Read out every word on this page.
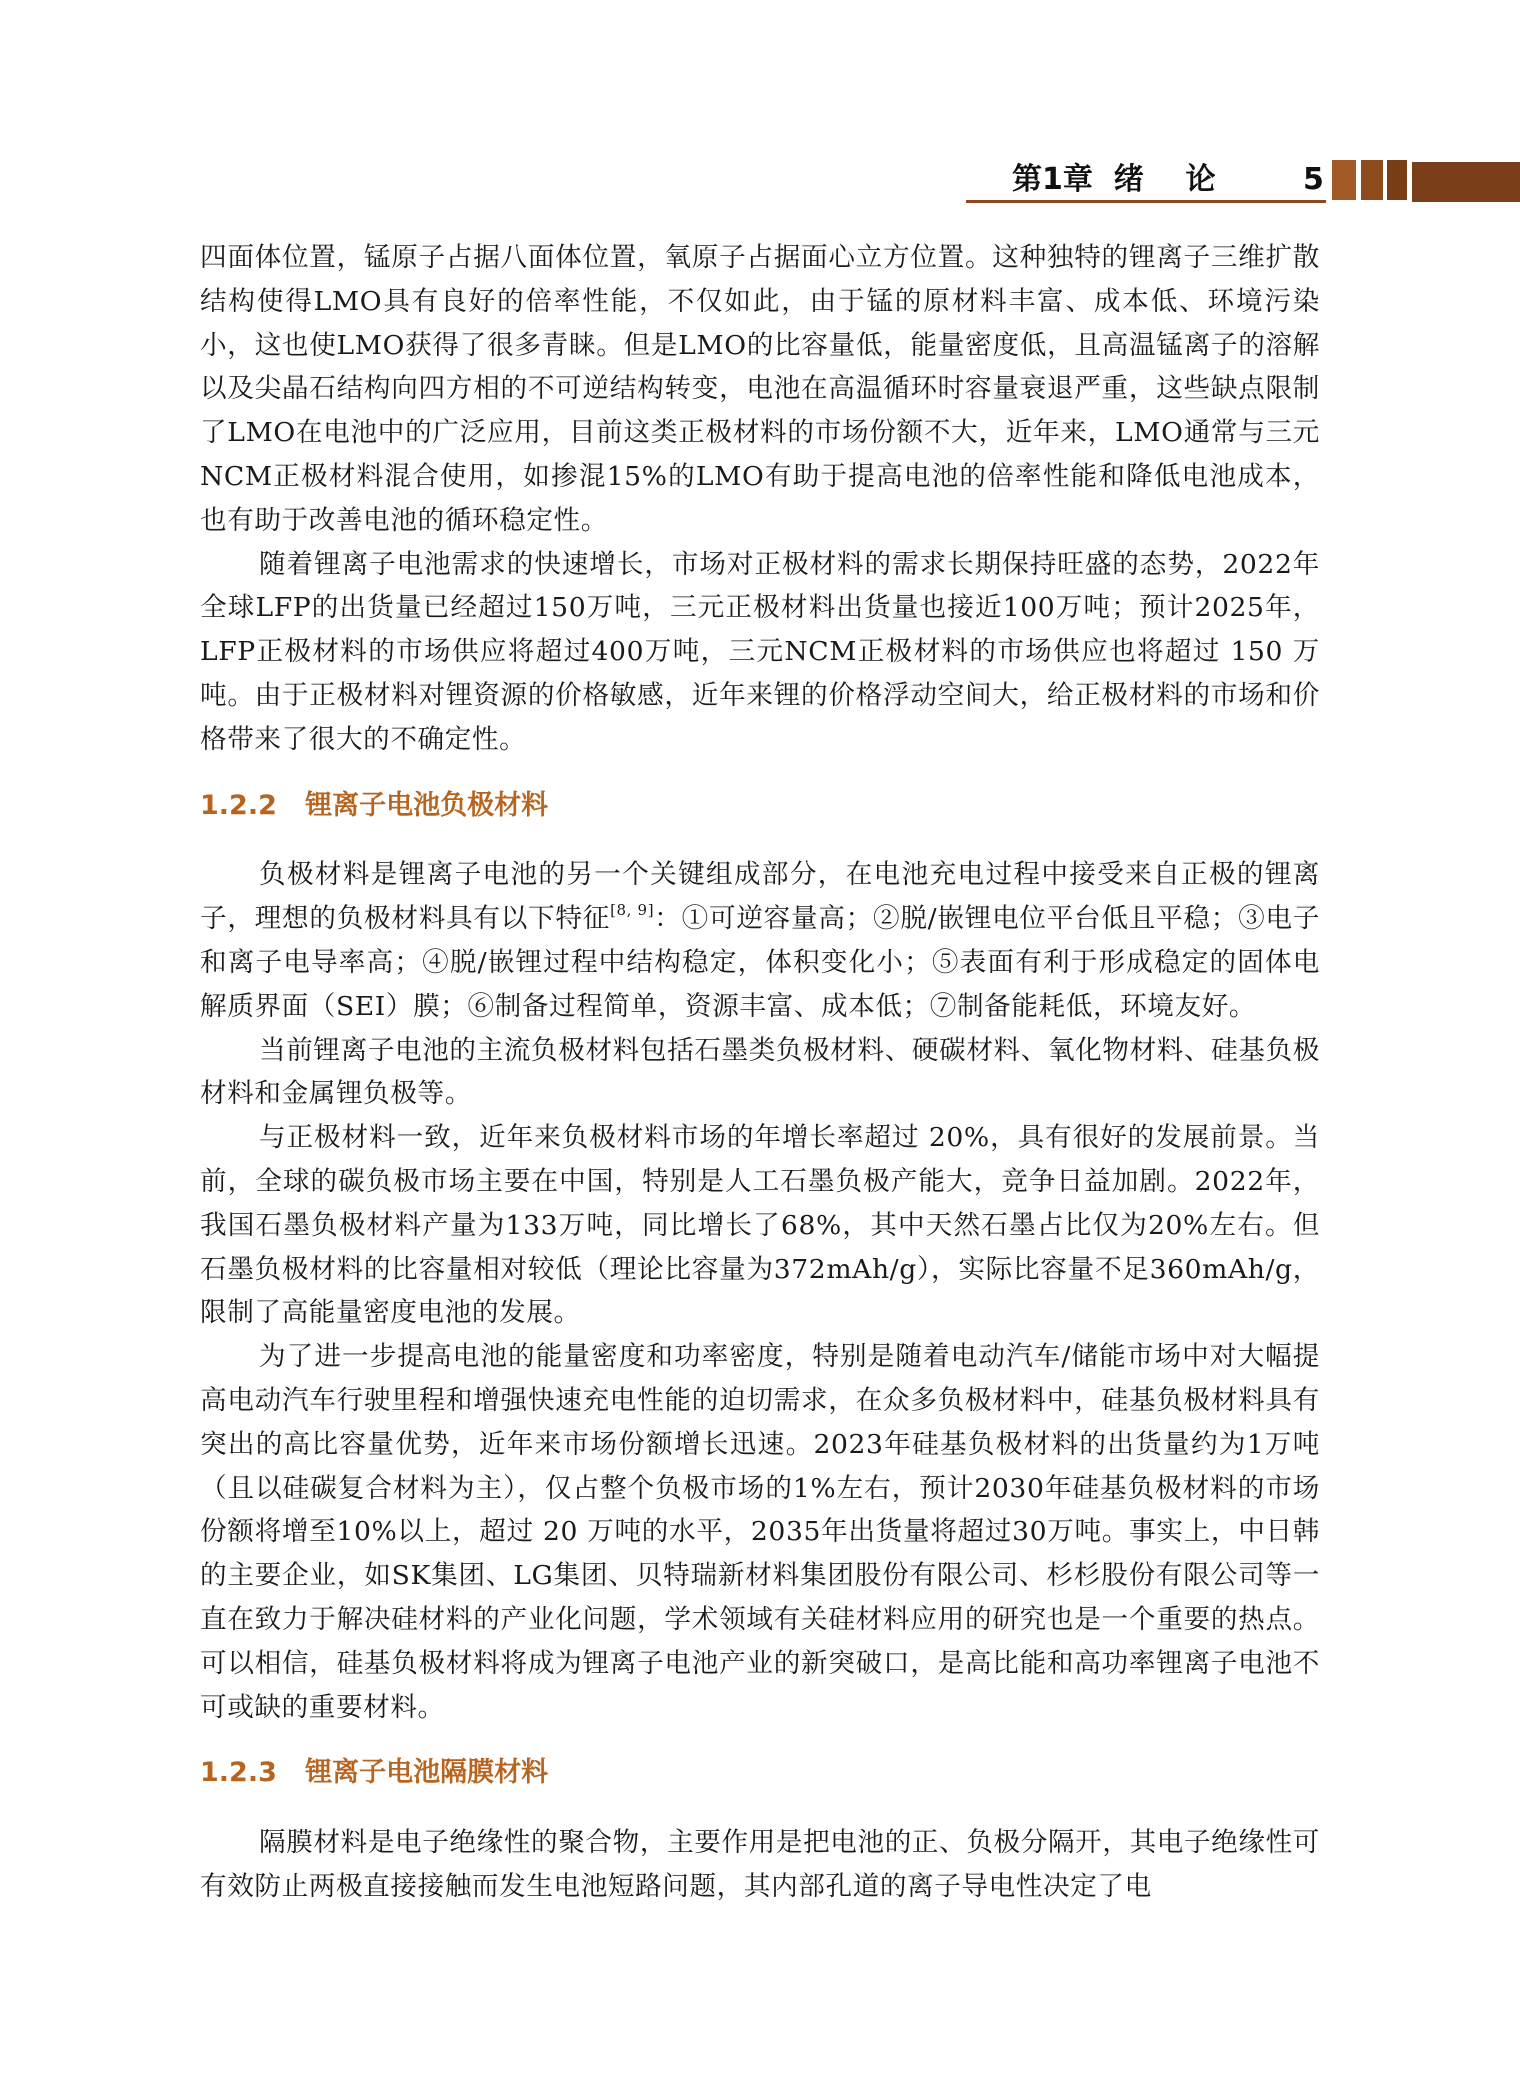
第1章  绪    论	5

四面体位置，锰原子占据八面体位置，氧原子占据面心立方位置。这种独特的锂离子三维扩散结构使得LMO具有良好的倍率性能，不仅如此，由于锰的原材料丰富、成本低、环境污染小，这也使LMO获得了很多青睐。但是LMO的比容量低，能量密度低，且高温锰离子的溶解以及尖晶石结构向四方相的不可逆结构转变，电池在高温循环时容量衰退严重，这些缺点限制了LMO在电池中的广泛应用，目前这类正极材料的市场份额不大，近年来，LMO通常与三元NCM正极材料混合使用，如掺混15%的LMO有助于提高电池的倍率性能和降低电池成本，也有助于改善电池的循环稳定性。

随着锂离子电池需求的快速增长，市场对正极材料的需求长期保持旺盛的态势，2022年全球LFP的出货量已经超过150万吨，三元正极材料出货量也接近100万吨；预计2025年，LFP正极材料的市场供应将超过400万吨，三元NCM正极材料的市场供应也将超过 150 万吨。由于正极材料对锂资源的价格敏感，近年来锂的价格浮动空间大，给正极材料的市场和价格带来了很大的不确定性。

1.2.2 锂离子电池负极材料

负极材料是锂离子电池的另一个关键组成部分，在电池充电过程中接受来自正极的锂离子，理想的负极材料具有以下特征[8, 9]：①可逆容量高；②脱/嵌锂电位平台低且平稳；③电子和离子电导率高；④脱/嵌锂过程中结构稳定，体积变化小；⑤表面有利于形成稳定的固体电解质界面（SEI）膜；⑥制备过程简单，资源丰富、成本低；⑦制备能耗低，环境友好。

当前锂离子电池的主流负极材料包括石墨类负极材料、硬碳材料、氧化物材料、硅基负极材料和金属锂负极等。

与正极材料一致，近年来负极材料市场的年增长率超过 20%，具有很好的发展前景。当前，全球的碳负极市场主要在中国，特别是人工石墨负极产能大，竞争日益加剧。2022年，我国石墨负极材料产量为133万吨，同比增长了68%，其中天然石墨占比仅为20%左右。但石墨负极材料的比容量相对较低（理论比容量为372mAh/g），实际比容量不足360mAh/g，限制了高能量密度电池的发展。

为了进一步提高电池的能量密度和功率密度，特别是随着电动汽车/储能市场中对大幅提高电动汽车行驶里程和增强快速充电性能的迫切需求，在众多负极材料中，硅基负极材料具有突出的高比容量优势，近年来市场份额增长迅速。2023年硅基负极材料的出货量约为1万吨（且以硅碳复合材料为主），仅占整个负极市场的1%左右，预计2030年硅基负极材料的市场份额将增至10%以上，超过 20 万吨的水平，2035年出货量将超过30万吨。事实上，中日韩的主要企业，如SK集团、LG集团、贝特瑞新材料集团股份有限公司、杉杉股份有限公司等一直在致力于解决硅材料的产业化问题，学术领域有关硅材料应用的研究也是一个重要的热点。可以相信，硅基负极材料将成为锂离子电池产业的新突破口，是高比能和高功率锂离子电池不可或缺的重要材料。

1.2.3 锂离子电池隔膜材料

隔膜材料是电子绝缘性的聚合物，主要作用是把电池的正、负极分隔开，其电子绝缘性可有效防止两极直接接触而发生电池短路问题，其内部孔道的离子导电性决定了电
